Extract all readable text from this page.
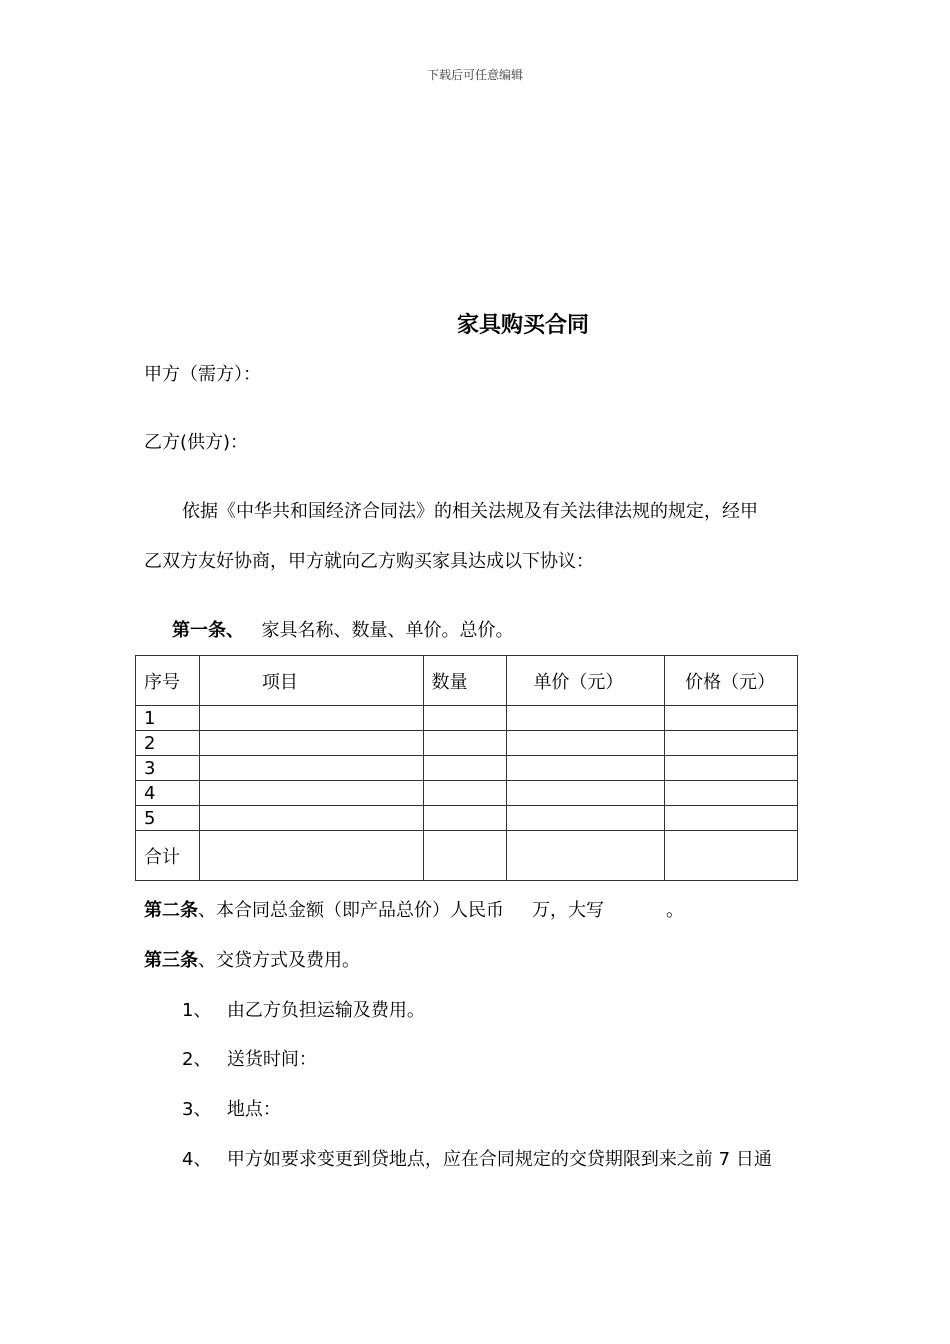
下载后可任意编辑
家具购买合同
甲方（需方）：
乙方(供方)：
依据《中华共和国经济合同法》的相关法规及有关法律法规的规定，经甲
乙双方友好协商，甲方就向乙方购买家具达成以下协议：
第一条、 家具名称、数量、单价。总价。
序号	项目	数量	单价（元）	价格（元）
1				
2				
3				
4				
5				
合计				
第二条、本合同总金额（即产品总价）人民币 万，大写	。
第三条、交贷方式及费用。
1、 由乙方负担运输及费用。
2、 送货时间：
3、 地点：
4、 甲方如要求变更到贷地点，应在合同规定的交贷期限到来之前 7 日通
